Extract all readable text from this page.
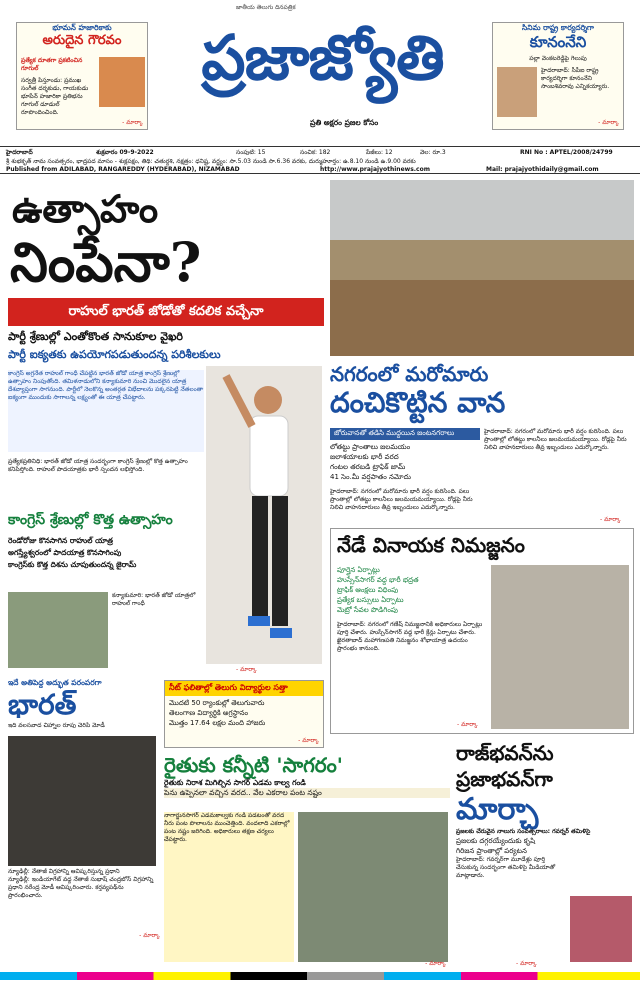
జాతీయ తెలుగు దినపత్రిక
ప్రజాజ్యోతి
ప్రతి అక్షరం ప్రజల కోసం
భూమన్ హజారికాకు
అరుదైన గౌరవం
ప్రత్యేక దూతగా ప్రకటించిన గూగుల్
సర్వత్రీ పిస్తూండు: ప్రముఖ సంగీత దర్శకుడు, గాయకుడు భూపేన్ హజారికా ప్రతిభను గూగుల్ డూడుల్ రూపొందించింది.
- మార్కా
సినిమ రాష్ట్ర కార్యదర్శిగా
కూనంనేని
పల్లా వెంకటరెడ్డిపై గెలుపు
హైదరాబాద్: సీపీఐ రాష్ట్ర కార్యదర్శిగా కూనంనేని సాంబశివరావు ఎన్నికయ్యారు.
- మార్కా
హైదరాబాద్	శుక్రవారం 09-9-2022	సంపుటి: 15	సంచిక: 182	పేజీలు: 12	వెల: రూ.3	RNI No : APTEL/2008/24799
శ్రీ శుభకృత్ నామ సంవత్సరం, భాద్రపద మాసం - శుక్లపక్షం, తిథి: చతుర్దశి, నక్షత్రం: ధనిష్ట, వర్జ్యం: సా.5.03 నుండి సా.6.36 వరకు, దుర్ముహూర్తం: ఉ.8.10 నుండి ఉ.9.00 వరకు
Published from ADILABAD, RANGAREDDY (HYDERABAD), NIZAMABAD	http://www.prajajyothinews.com	Mail: prajajyothidaily@gmail.com
ఉత్సాహం
నింపేనా?
రాహుల్ భారత్ జోడోతో కదలిక వచ్చేనా
పార్టీ శ్రేణుల్లో ఎంతోకొంత సానుకూల వైఖరి
పార్టీ ఐక్యతకు ఉపయోగపడుతుందన్న పరిశీలకులు
కాంగ్రెస్ అగ్రనేత రాహుల్ గాంధీ చేపట్టిన భారత్ జోడో యాత్ర కాంగ్రెస్ శ్రేణుల్లో ఉత్సాహం నింపుతోంది. తమిళనాడులోని కన్యాకుమారి నుంచి మొదలైన యాత్ర దేశవ్యాప్తంగా సాగనుంది. పార్టీలో నెలకొన్న అంతర్గత విభేదాలను పక్కనపెట్టి నేతలంతా ఐక్యంగా ముందుకు సాగాలన్న లక్ష్యంతో ఈ యాత్ర చేపట్టారు.
ప్రత్యేకప్రతినిధి: భారత్ జోడో యాత్ర సందర్భంగా కాంగ్రెస్ శ్రేణుల్లో కొత్త ఉత్సాహం కనిపిస్తోంది. రాహుల్ పాదయాత్రకు భారీ స్పందన లభిస్తోంది.
కాంగ్రెస్ శ్రేణుల్లో కొత్త ఉత్సాహం
రెండోరోజు కొనసాగిన రాహుల్ యాత్ర
అగస్త్యేశ్వరంలో పాదయాత్ర కొనసాగింపు
కాంగ్రెస్‌కు కొత్త దిశను చూపుతుందన్న జైరామ్
కన్యాకుమారి: భారత్ జోడో యాత్రలో రాహుల్ గాంధీ
- మార్కా
నగరంలో మరోమారు
దంచికొట్టిన వాన
జోరువానతో తడిసి ముద్దయిన జంటనగరాలు
లోతట్టు ప్రాంతాలు జలమయం
జలాశయాలకు భారీ వరద
గంటల తరబడి ట్రాఫిక్ జామ్
41 సెం.మీ వర్షపాతం నమోదు
హైదరాబాద్: నగరంలో మరోమారు భారీ వర్షం కురిసింది. పలు ప్రాంతాల్లో లోతట్టు కాలనీలు జలమయమయ్యాయి. రోడ్లపై నీరు నిలిచి వాహనదారులు తీవ్ర ఇబ్బందులు ఎదుర్కొన్నారు.
హైదరాబాద్: నగరంలో మరోమారు భారీ వర్షం కురిసింది. పలు ప్రాంతాల్లో లోతట్టు కాలనీలు జలమయమయ్యాయి. రోడ్లపై నీరు నిలిచి వాహనదారులు తీవ్ర ఇబ్బందులు ఎదుర్కొన్నారు.
- మార్కా
నేడే వినాయక నిమజ్జనం
పూర్తైన ఏర్పాట్లు
హుస్సేన్‌సాగర్ వద్ద భారీ భద్రత
ట్రాఫిక్ ఆంక్షలు విధింపు
ప్రత్యేక బస్సులు ఏర్పాటు
మెట్రో సేవల పొడిగింపు
హైదరాబాద్: నగరంలో గణేష్ నిమజ్జనానికి అధికారులు ఏర్పాట్లు పూర్తి చేశారు. హుస్సేన్‌సాగర్ వద్ద భారీ క్రేన్లు ఏర్పాటు చేశారు. ఖైరతాబాద్ మహాగణపతి నిమజ్జనం శోభాయాత్ర ఉదయం ప్రారంభం కానుంది.
- మార్కా
ఇదే అతిపెద్ద అద్భుత పరంపరగా
భారత్
ఇది వలసవాద చిహ్నాల రూపు చెరిపి మోడీ
న్యూఢిల్లీ: నేతాజీ విగ్రహాన్ని ఆవిష్కరిస్తున్న ప్రధాని
న్యూఢిల్లీ: ఇండియాగేట్ వద్ద నేతాజీ సుభాష్ చంద్రబోస్ విగ్రహాన్ని ప్రధాని నరేంద్ర మోడీ ఆవిష్కరించారు. కర్తవ్యపథ్‌ను ప్రారంభించారు.
- మార్కా
నీట్ ఫలితాల్లో తెలుగు విద్యార్థుల సత్తా
మొదటి 50 ర్యాంకుల్లో తెలుగువారు
తెలంగాణ విద్యార్థికి అగ్రస్థానం
మొత్తం 17.64 లక్షల మంది హాజరు
- మార్కా
రైతుకు కన్నీటి 'సాగరం'
రైతుకు నిరాశ మిగిల్చిన సాగర్ ఎడమ కాల్వ గండి
పెను ఉప్పెనలా వచ్చిన వరద.. వేల ఎకరాల పంట నష్టం
నాగార్జునసాగర్ ఎడమకాల్వకు గండి పడటంతో వరద నీరు పంట పొలాలను ముంచెత్తింది. వందలాది ఎకరాల్లో పంట నష్టం జరిగింది. అధికారులు తక్షణ చర్యలు చేపట్టారు.
- మార్కా
రాజ్‌భవన్‌ను
ప్రజాభవన్‌గా
మార్చా
ప్రజలకు చేరువైన నాలుగు సంవత్సరాలు: గవర్నర్ తమిళిసై
ప్రజలకు దగ్గరయ్యేందుకు కృషి
గిరిజన ప్రాంతాల్లో పర్యటన
హైదరాబాద్: గవర్నర్‌గా మూడేళ్లు పూర్తి చేసుకున్న సందర్భంగా తమిళిసై మీడియాతో మాట్లాడారు.
- మార్కా
